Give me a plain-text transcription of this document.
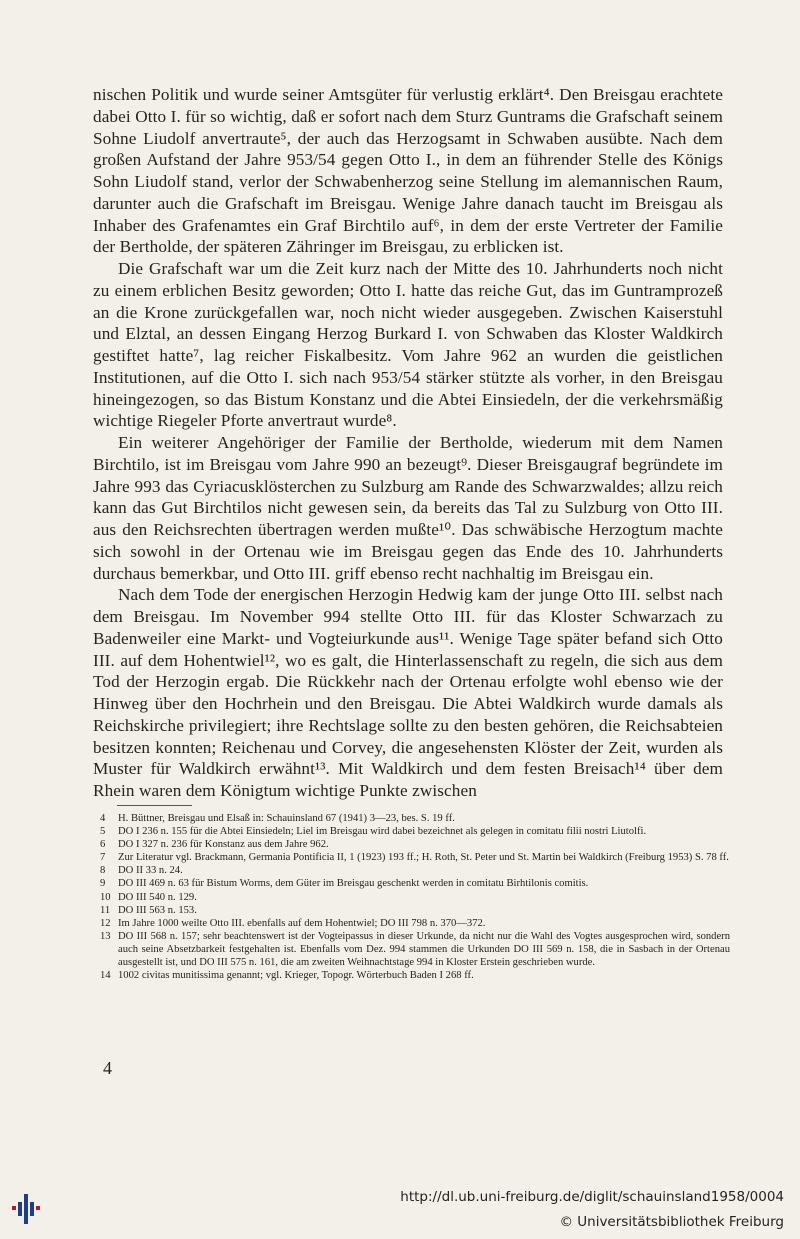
nischen Politik und wurde seiner Amtsgüter für verlustig erklärt⁴. Den Breisgau erachtete dabei Otto I. für so wichtig, daß er sofort nach dem Sturz Guntrams die Grafschaft seinem Sohne Liudolf anvertraute⁵, der auch das Herzogsamt in Schwaben ausübte. Nach dem großen Aufstand der Jahre 953/54 gegen Otto I., in dem an führender Stelle des Königs Sohn Liudolf stand, verlor der Schwabenherzog seine Stellung im alemannischen Raum, darunter auch die Grafschaft im Breisgau. Wenige Jahre danach taucht im Breisgau als Inhaber des Grafenamtes ein Graf Birchtilo auf⁶, in dem der erste Vertreter der Familie der Bertholde, der späteren Zähringer im Breisgau, zu erblicken ist.

Die Grafschaft war um die Zeit kurz nach der Mitte des 10. Jahrhunderts noch nicht zu einem erblichen Besitz geworden; Otto I. hatte das reiche Gut, das im Guntramprozeß an die Krone zurückgefallen war, noch nicht wieder ausgegeben. Zwischen Kaiserstuhl und Elztal, an dessen Eingang Herzog Burkard I. von Schwaben das Kloster Waldkirch gestiftet hatte⁷, lag reicher Fiskalbesitz. Vom Jahre 962 an wurden die geistlichen Institutionen, auf die Otto I. sich nach 953/54 stärker stützte als vorher, in den Breisgau hineingezogen, so das Bistum Konstanz und die Abtei Einsiedeln, der die verkehrsmäßig wichtige Riegeler Pforte anvertraut wurde⁸.

Ein weiterer Angehöriger der Familie der Bertholde, wiederum mit dem Namen Birchtilo, ist im Breisgau vom Jahre 990 an bezeugt⁹. Dieser Breisgaugraf begründete im Jahre 993 das Cyriacusklösterchen zu Sulzburg am Rande des Schwarzwaldes; allzu reich kann das Gut Birchtilos nicht gewesen sein, da bereits das Tal zu Sulzburg von Otto III. aus den Reichsrechten übertragen werden mußte¹⁰. Das schwäbische Herzogtum machte sich sowohl in der Ortenau wie im Breisgau gegen das Ende des 10. Jahrhunderts durchaus bemerkbar, und Otto III. griff ebenso recht nachhaltig im Breisgau ein.

Nach dem Tode der energischen Herzogin Hedwig kam der junge Otto III. selbst nach dem Breisgau. Im November 994 stellte Otto III. für das Kloster Schwarzach zu Badenweiler eine Markt- und Vogteiurkunde aus¹¹. Wenige Tage später befand sich Otto III. auf dem Hohentwiel¹², wo es galt, die Hinterlassenschaft zu regeln, die sich aus dem Tod der Herzogin ergab. Die Rückkehr nach der Ortenau erfolgte wohl ebenso wie der Hinweg über den Hochrhein und den Breisgau. Die Abtei Waldkirch wurde damals als Reichskirche privilegiert; ihre Rechtslage sollte zu den besten gehören, die Reichsabteien besitzen konnten; Reichenau und Corvey, die angesehensten Klöster der Zeit, wurden als Muster für Waldkirch erwähnt¹³. Mit Waldkirch und dem festen Breisach¹⁴ über dem Rhein waren dem Königtum wichtige Punkte zwischen

4	H. Büttner, Breisgau und Elsaß in: Schauinsland 67 (1941) 3—23, bes. S. 19 ff.
5	DO I 236 n. 155 für die Abtei Einsiedeln; Liel im Breisgau wird dabei bezeichnet als gelegen in comitatu filii nostri Liutolfi.
6	DO I 327 n. 236 für Konstanz aus dem Jahre 962.
7	Zur Literatur vgl. Brackmann, Germania Pontificia II, 1 (1923) 193 ff.; H. Roth, St. Peter und St. Martin bei Waldkirch (Freiburg 1953) S. 78 ff.
8	DO II 33 n. 24.
9	DO III 469 n. 63 für Bistum Worms, dem Güter im Breisgau geschenkt werden in comitatu Birhtilonis comitis.
10 DO III 540 n. 129.
11 DO III 563 n. 153.
12 Im Jahre 1000 weilte Otto III. ebenfalls auf dem Hohentwiel; DO III 798 n. 370—372.
13 DO III 568 n. 157; sehr beachtenswert ist der Vogteipassus in dieser Urkunde, da nicht nur die Wahl des Vogtes ausgesprochen wird, sondern auch seine Absetzbarkeit festgehalten ist. Ebenfalls vom Dez. 994 stammen die Urkunden DO III 569 n. 158, die in Sasbach in der Ortenau ausgestellt ist, und DO III 575 n. 161, die am zweiten Weihnachtstage 994 in Kloster Erstein geschrieben wurde.
14 1002 civitas munitissima genannt; vgl. Krieger, Topogr. Wörterbuch Baden I 268 ff.
4
http://dl.ub.uni-freiburg.de/diglit/schauinsland1958/0004
© Universitätsbibliothek Freiburg
